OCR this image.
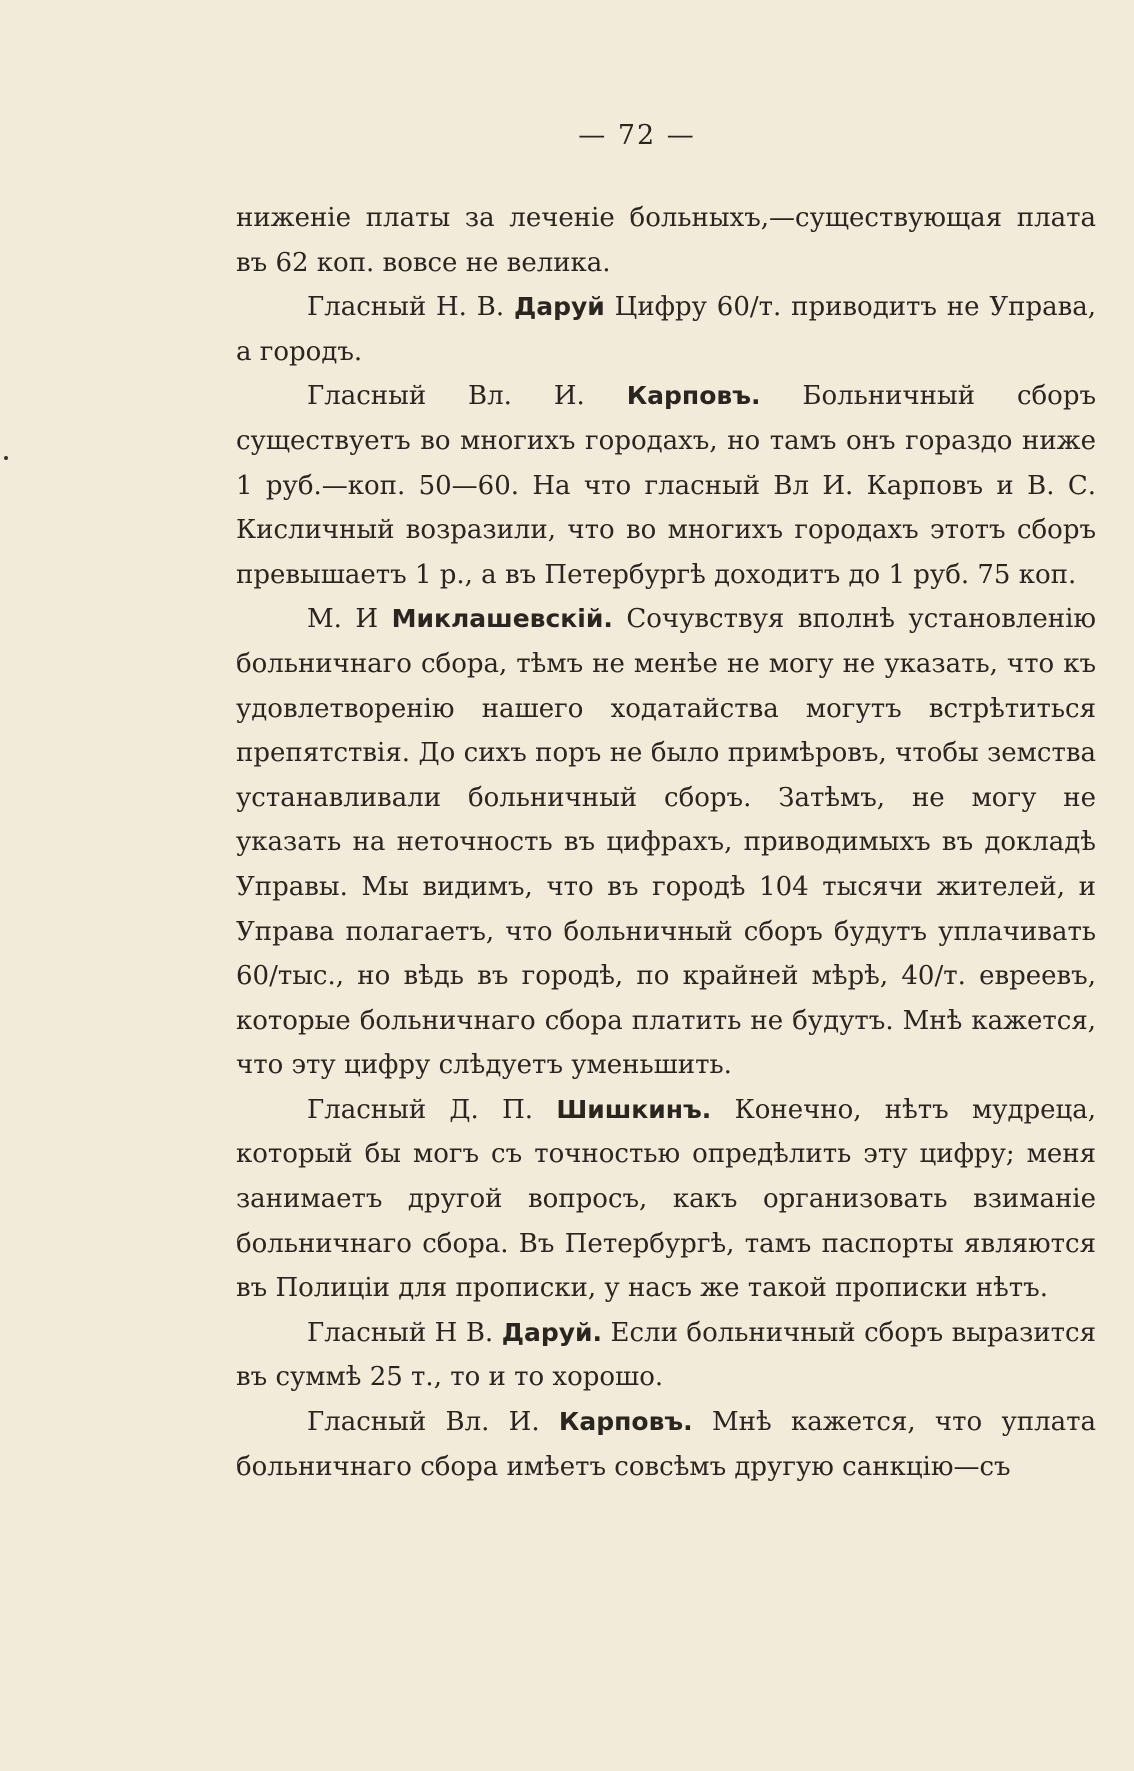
— 72 —

ниженіе платы за леченіе больныхъ,—существующая плата въ 62 коп. вовсе не велика.

Гласный Н. В. Даруй Цифру 60/т. приводитъ не Управа, а городъ.

Гласный Вл. И. Карповъ. Больничный сборъ существуетъ во многихъ городахъ, но тамъ онъ гораздо ниже 1 руб.—коп. 50—60. На что гласный Вл И. Карповъ и В. С. Кисличный возразили, что во многихъ городахъ этотъ сборъ превышаетъ 1 р., а въ Петербургѣ доходитъ до 1 руб. 75 коп.

М. И Миклашевскій. Сочувствуя вполнѣ установленію больничнаго сбора, тѣмъ не менѣе не могу не указать, что къ удовлетворенію нашего ходатайства могутъ встрѣтиться препятствія. До сихъ поръ не было примѣровъ, чтобы земства устанавливали больничный сборъ. Затѣмъ, не могу не указать на неточность въ цифрахъ, приводимыхъ въ докладѣ Управы. Мы видимъ, что въ городѣ 104 тысячи жителей, и Управа полагаетъ, что больничный сборъ будутъ уплачивать 60/тыс., но вѣдь въ городѣ, по крайней мѣрѣ, 40/т. евреевъ, которые больничнаго сбора платить не будутъ. Мнѣ кажется, что эту цифру слѣдуетъ уменьшить.

Гласный Д. П. Шишкинъ. Конечно, нѣтъ мудреца, который бы могъ съ точностью опредѣлить эту цифру; меня занимаетъ другой вопросъ, какъ организовать взиманіе больничнаго сбора. Въ Петербургѣ, тамъ паспорты являются въ Полиціи для прописки, у насъ же такой прописки нѣтъ.

Гласный Н В. Даруй. Если больничный сборъ выразится въ суммѣ 25 т., то и то хорошо.

Гласный Вл. И. Карповъ. Мнѣ кажется, что уплата больничнаго сбора имѣетъ совсѣмъ другую санкцію—съ
